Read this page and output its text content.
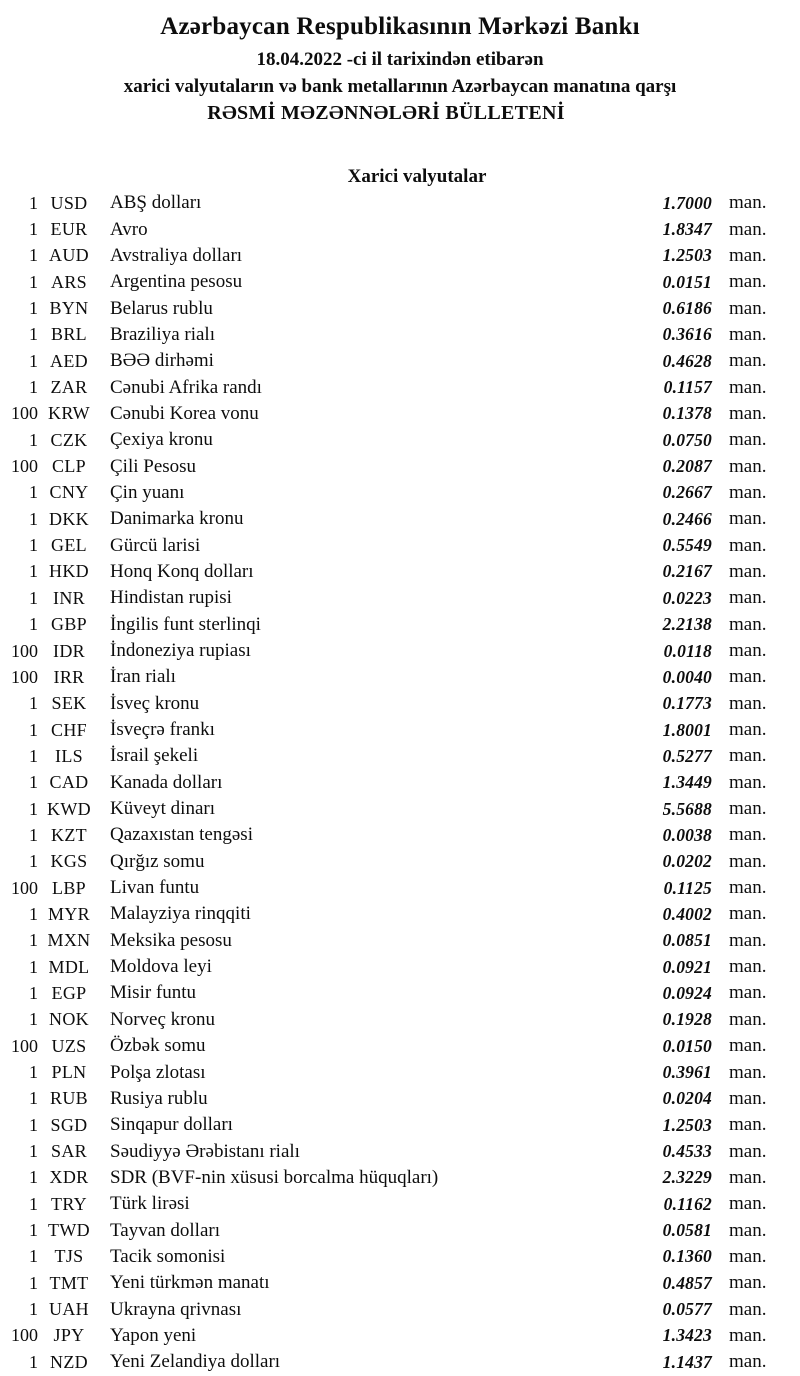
Azərbaycan Respublikasının Mərkəzi Bankı
18.04.2022 -ci il tarixindən etibarən
xarici valyutaların və bank metallarının Azərbaycan manatına qarşı
RƏSMİ MƏZƏNNƏLƏRİ BÜLLETENİ
Xarici valyutalar
1 USD	ABŞ dolları	1.7000 man.
1 EUR	Avro	1.8347 man.
1 AUD	Avstraliya dolları	1.2503 man.
1 ARS	Argentina pesosu	0.0151 man.
1 BYN	Belarus rublu	0.6186 man.
1 BRL	Braziliya rialı	0.3616 man.
1 AED	BƏƏ dirhəmi	0.4628 man.
1 ZAR	Cənubi Afrika randı	0.1157 man.
100 KRW	Cənubi Korea vonu	0.1378 man.
1 CZK	Çexiya kronu	0.0750 man.
100 CLP	Çili Pesosu	0.2087 man.
1 CNY	Çin yuanı	0.2667 man.
1 DKK	Danimarka kronu	0.2466 man.
1 GEL	Gürcü larisi	0.5549 man.
1 HKD	Honq Konq dolları	0.2167 man.
1 INR	Hindistan rupisi	0.0223 man.
1 GBP	İngilis funt sterlinqi	2.2138 man.
100 IDR	İndoneziya rupiası	0.0118 man.
100 IRR	İran rialı	0.0040 man.
1 SEK	İsveç kronu	0.1773 man.
1 CHF	İsveçrə frankı	1.8001 man.
1 ILS	İsrail şekeli	0.5277 man.
1 CAD	Kanada dolları	1.3449 man.
1 KWD	Küveyt dinarı	5.5688 man.
1 KZT	Qazaxıstan tengəsi	0.0038 man.
1 KGS	Qırğız somu	0.0202 man.
100 LBP	Livan funtu	0.1125 man.
1 MYR	Malayziya rinqqiti	0.4002 man.
1 MXN	Meksika pesosu	0.0851 man.
1 MDL	Moldova leyi	0.0921 man.
1 EGP	Misir funtu	0.0924 man.
1 NOK	Norveç kronu	0.1928 man.
100 UZS	Özbək somu	0.0150 man.
1 PLN	Polşa zlotası	0.3961 man.
1 RUB	Rusiya rublu	0.0204 man.
1 SGD	Sinqapur dolları	1.2503 man.
1 SAR	Səudiyyə Ərəbistanı rialı	0.4533 man.
1 XDR	SDR (BVF-nin xüsusi borcalma hüquqları)	2.3229 man.
1 TRY	Türk lirəsi	0.1162 man.
1 TWD	Tayvan dolları	0.0581 man.
1 TJS	Tacik somonisi	0.1360 man.
1 TMT	Yeni türkmən manatı	0.4857 man.
1 UAH	Ukrayna qrivnası	0.0577 man.
100 JPY	Yapon yeni	1.3423 man.
1 NZD	Yeni Zelandiya dolları	1.1437 man.
